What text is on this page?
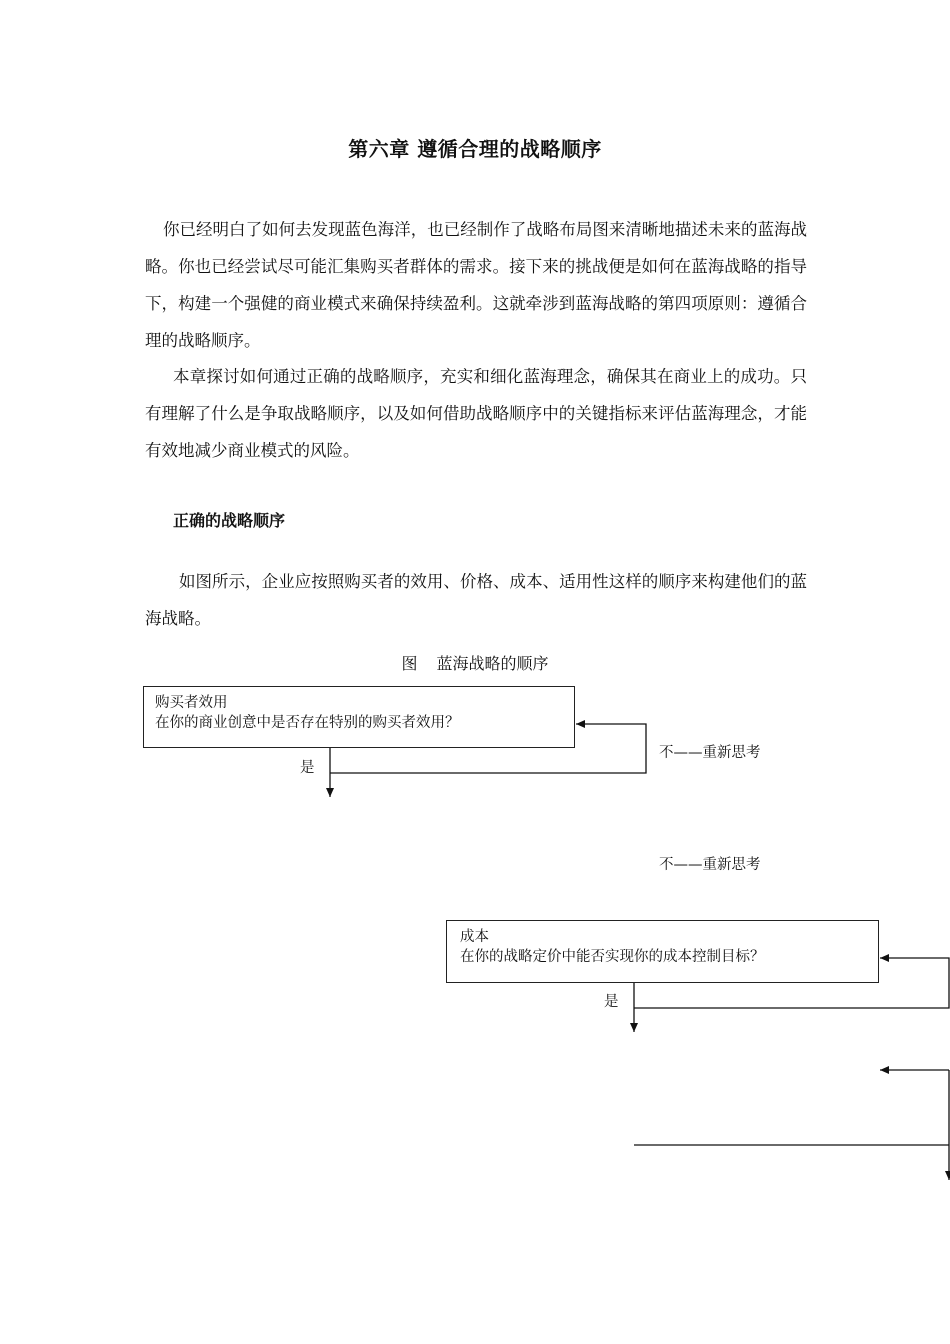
第六章 遵循合理的战略顺序

你已经明白了如何去发现蓝色海洋，也已经制作了战略布局图来清晰地描述未来的蓝海战略。你也已经尝试尽可能汇集购买者群体的需求。接下来的挑战便是如何在蓝海战略的指导下，构建一个强健的商业模式来确保持续盈利。这就牵涉到蓝海战略的第四项原则：遵循合理的战略顺序。

本章探讨如何通过正确的战略顺序，充实和细化蓝海理念，确保其在商业上的成功。只有理解了什么是争取战略顺序，以及如何借助战略顺序中的关键指标来评估蓝海理念，才能有效地减少商业模式的风险。

正确的战略顺序

如图所示，企业应按照购买者的效用、价格、成本、适用性这样的顺序来构建他们的蓝海战略。

图 蓝海战略的顺序
购买者效用
在你的商业创意中是否存在特别的购买者效用？
是
不——重新思考
不——重新思考
成本
在你的战略定价中能否实现你的成本控制目标？
是
